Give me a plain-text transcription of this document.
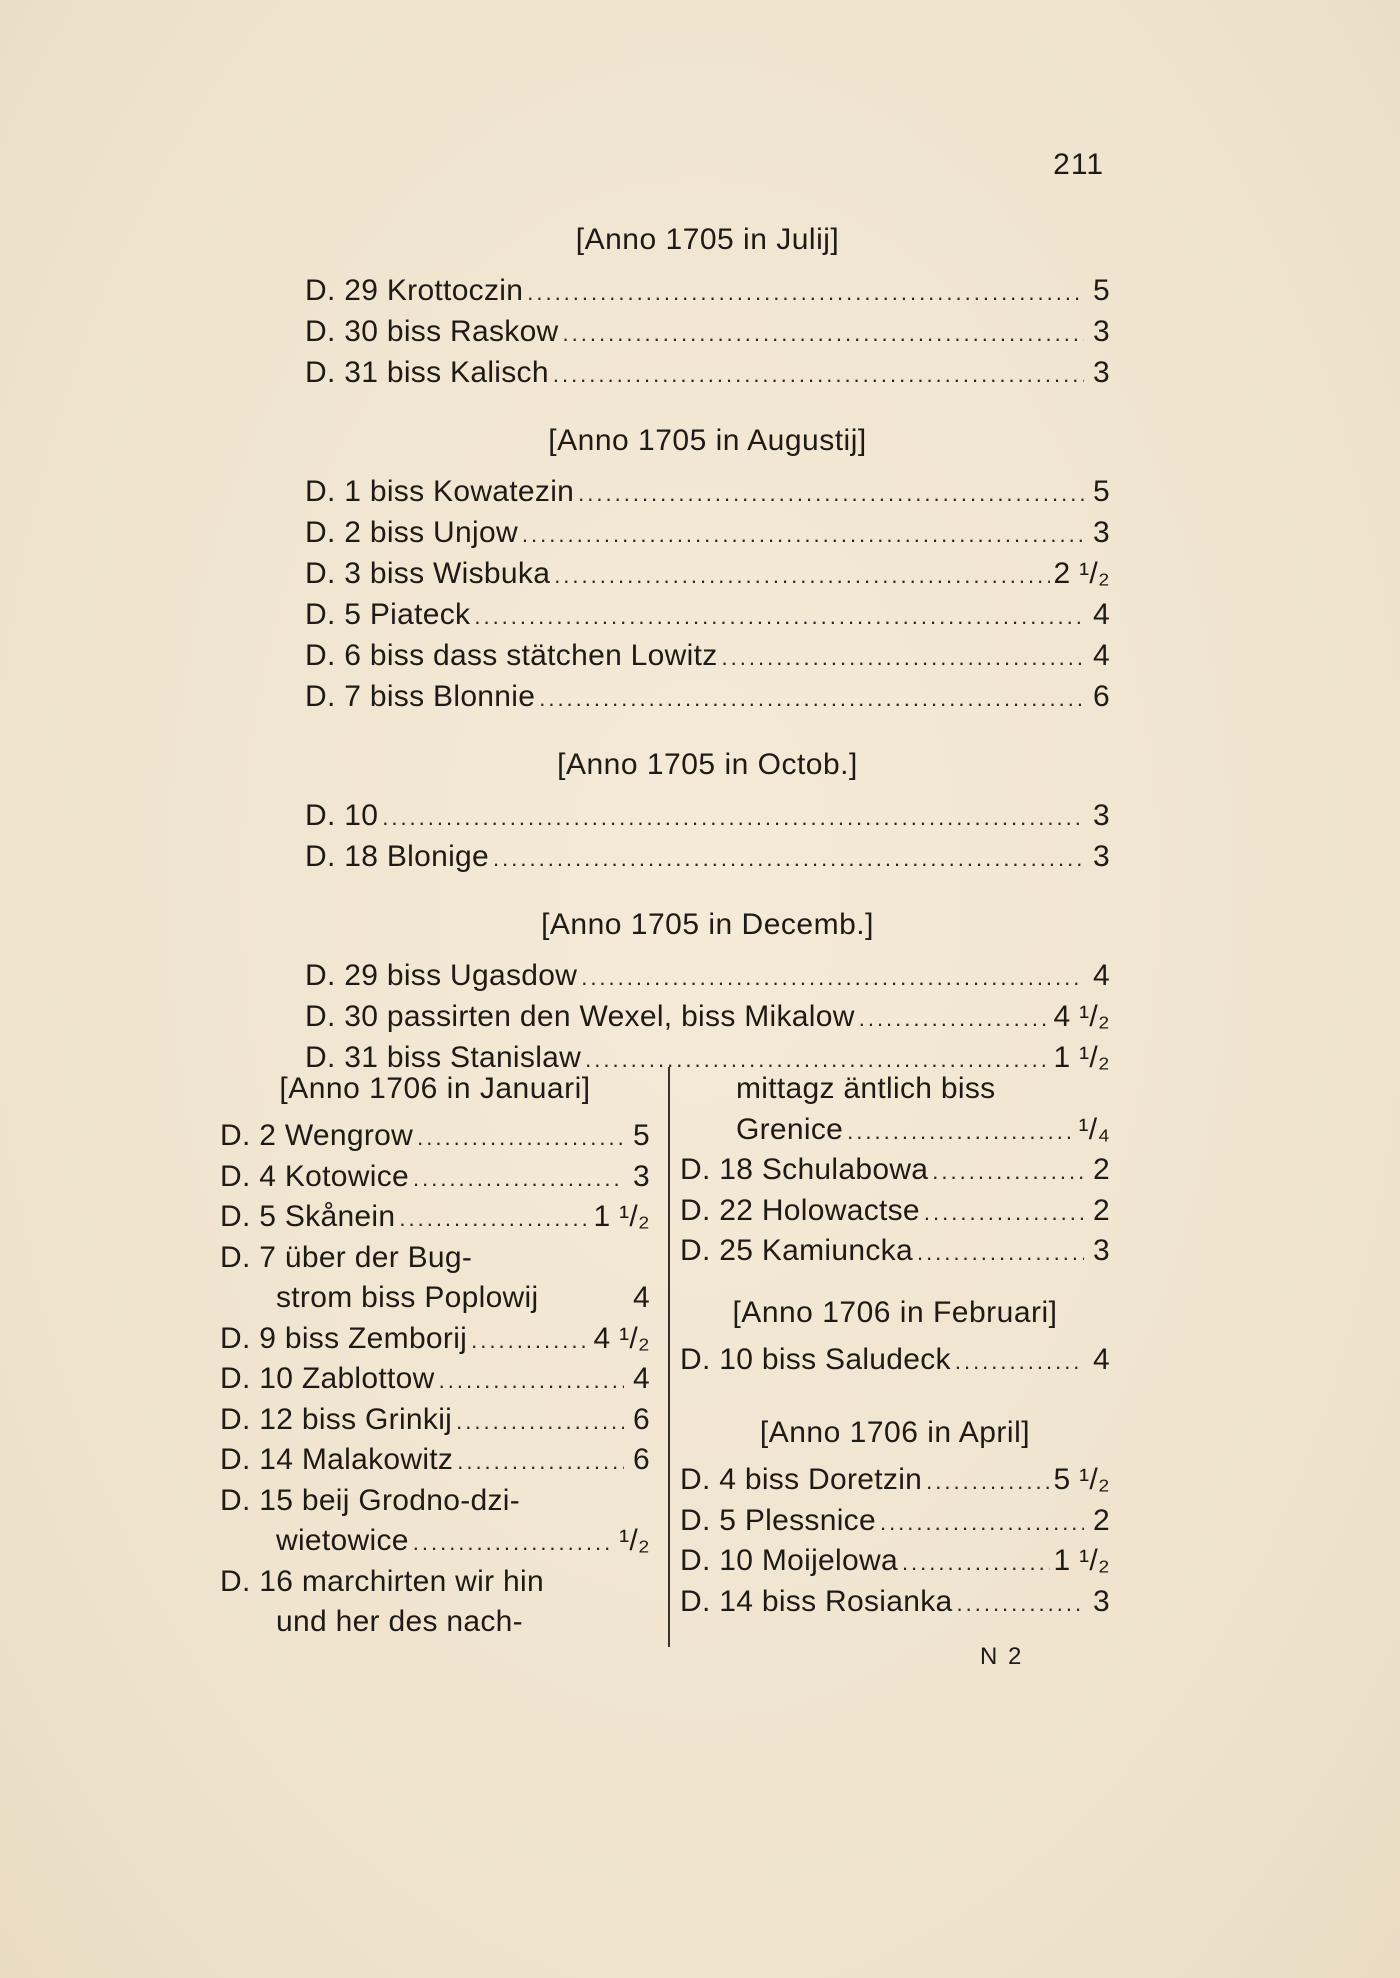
211
[Anno 1705 in Julij]
D. 29 Krottoczin .....	5
D. 30 biss Raskow .....	3
D. 31 biss Kalisch .....	3
[Anno 1705 in Augustij]
D. 1 biss Kowatezin .....	5
D. 2 biss Unjow .....	3
D. 3 biss Wisbuka .....	2 ¹/₂
D. 5 Piateck .....	4
D. 6 biss dass stätchen Lowitz .....	4
D. 7 biss Blonnie .....	6
[Anno 1705 in Octob.]
D. 10 .....	3
D. 18 Blonige .....	3
[Anno 1705 in Decemb.]
D. 29 biss Ugasdow .....	4
D. 30 passirten den Wexel, biss Mikalow .....	4 ¹/₂
D. 31 biss Stanislaw .....	1 ¹/₂
[Anno 1706 in Januari]
D. 2 Wengrow .....	5
D. 4 Kotowice .....	3
D. 5 Skånein .....	1 ¹/₂
D. 7 über der Bug-
strom biss Poplowij	4
D. 9 biss Zemborij .....	4 ¹/₂
D. 10 Zablottow .....	4
D. 12 biss Grinkij .....	6
D. 14 Malakowitz .....	6
D. 15 beij Grodno-dzi-
wietowice .....	¹/₂
D. 16 marchirten wir hin
und her des nach-
mittagz äntlich biss
Grenice .....	¹/₄
D. 18 Schulabowa .....	2
D. 22 Holowactse .....	2
D. 25 Kamiuncka .....	3
[Anno 1706 in Februari]
D. 10 biss Saludeck .....	4
[Anno 1706 in April]
D. 4 biss Doretzin .....	5 ¹/₂
D. 5 Plessnice .....	2
D. 10 Moijelowa .....	1 ¹/₂
D. 14 biss Rosianka .....	3
N 2
